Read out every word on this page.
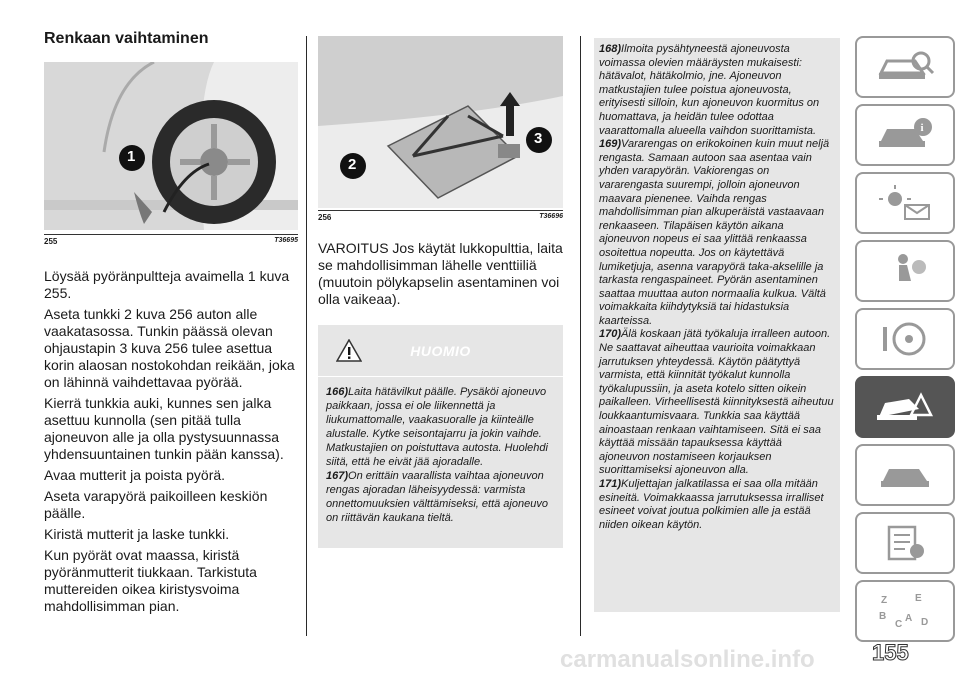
Renkaan vaihtaminen
1
255	T36695

Löysää pyöränpultteja avaimella 1 kuva 255.

Aseta tunkki 2 kuva 256 auton alle vaakatasossa. Tunkin päässä olevan ohjaustapin 3 kuva 256 tulee asettua korin alaosan nostokohdan reikään, joka on lähinnä vaihdettavaa pyörää.

Kierrä tunkkia auki, kunnes sen jalka asettuu kunnolla (sen pitää tulla ajoneuvon alle ja olla pystysuunnassa yhdensuuntainen tunkin pään kanssa).

Avaa mutterit ja poista pyörä.

Aseta varapyörä paikoilleen keskiön päälle.

Kiristä mutterit ja laske tunkki.

Kun pyörät ovat maassa, kiristä pyöränmutterit tiukkaan. Tarkistuta muttereiden oikea kiristysvoima mahdollisimman pian.

2
3
256	T36696

VAROITUS Jos käytät lukkopulttia, laita se mahdollisimman lähelle venttiiliä (muutoin pölykapselin asentaminen voi olla vaikeaa).

HUOMIO

166)Laita hätävilkut päälle. Pysäköi ajoneuvo paikkaan, jossa ei ole liikennettä ja liukumattomalle, vaakasuoralle ja kiinteälle alustalle. Kytke seisontajarru ja jokin vaihde. Matkustajien on poistuttava autosta. Huolehdi siitä, että he eivät jää ajoradalle.

167)On erittäin vaarallista vaihtaa ajoneuvon rengas ajoradan läheisyydessä: varmista onnettomuuksien välttämiseksi, että ajoneuvo on riittävän kaukana tieltä.

168)Ilmoita pysähtyneestä ajoneuvosta voimassa olevien määräysten mukaisesti: hätävalot, hätäkolmio, jne. Ajoneuvon matkustajien tulee poistua ajoneuvosta, erityisesti silloin, kun ajoneuvon kuormitus on huomattava, ja heidän tulee odottaa vaarattomalla alueella vaihdon suorittamista.

169)Vararengas on erikokoinen kuin muut neljä rengasta. Samaan autoon saa asentaa vain yhden varapyörän. Vakiorengas on vararengasta suurempi, jolloin ajoneuvon maavara pienenee. Vaihda rengas mahdollisimman pian alkuperäistä vastaavaan renkaaseen. Tilapäisen käytön aikana ajoneuvon nopeus ei saa ylittää renkaassa osoitettua nopeutta. Jos on käytettävä lumiketjuja, asenna varapyörä taka-akselille ja tarkasta rengaspaineet. Pyörän asentaminen saattaa muuttaa auton normaalia kulkua. Vältä voimakkaita kiihdytyksiä tai hidastuksia kaarteissa.

170)Älä koskaan jätä työkaluja irralleen autoon. Ne saattavat aiheuttaa vaurioita voimakkaan jarrutuksen yhteydessä. Käytön päätyttyä varmista, että kiinnität työkalut kunnolla työkalupussiin, ja aseta kotelo sitten oikein paikalleen. Virheellisestä kiinnityksestä aiheutuu loukkaantumisvaara. Tunkkia saa käyttää ainoastaan renkaan vaihtamiseen. Sitä ei saa käyttää missään tapauksessa käyttää ajoneuvon nostamiseen korjauksen suorittamiseksi ajoneuvon alla.

171)Kuljettajan jalkatilassa ei saa olla mitään esineitä. Voimakkaassa jarrutuksessa irralliset esineet voivat joutua polkimien alle ja estää niiden oikean käytön.

i
Z	E
B
C
A D
carmanualsonline.info	155
